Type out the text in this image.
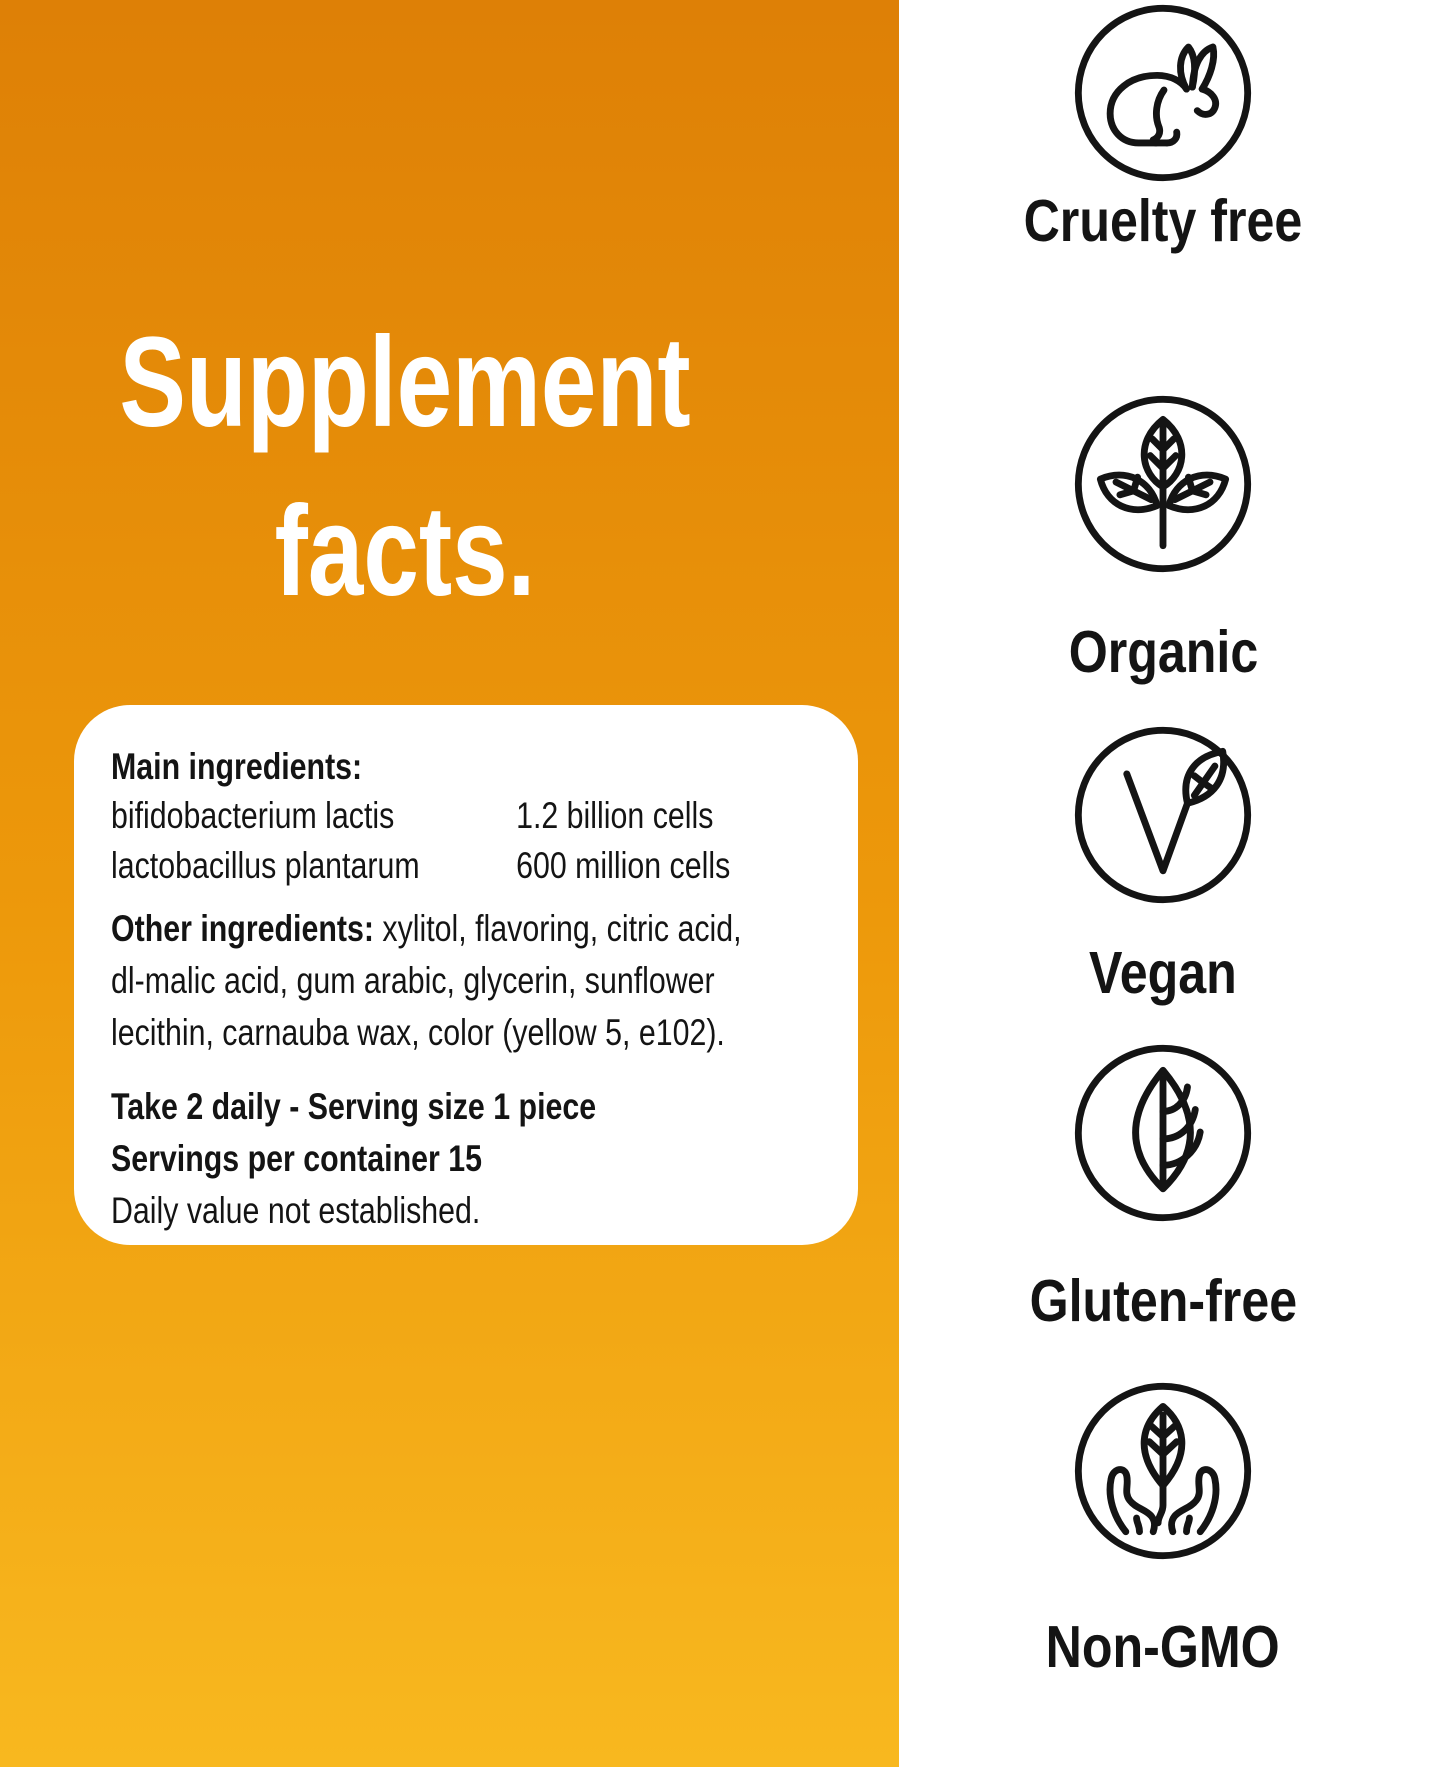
Supplement
facts.
Main ingredients:
bifidobacterium lactis	1.2 billion cells
lactobacillus plantarum	600 million cells

Other ingredients: xylitol, flavoring, citric acid, dl-malic acid, gum arabic, glycerin, sunflower lecithin, carnauba wax, color (yellow 5, e102).

Take 2 daily - Serving size 1 piece
Servings per container 15
Daily value not established.
Organic
Vegan
Gluten-free
Non-GMO
Cruelty free
